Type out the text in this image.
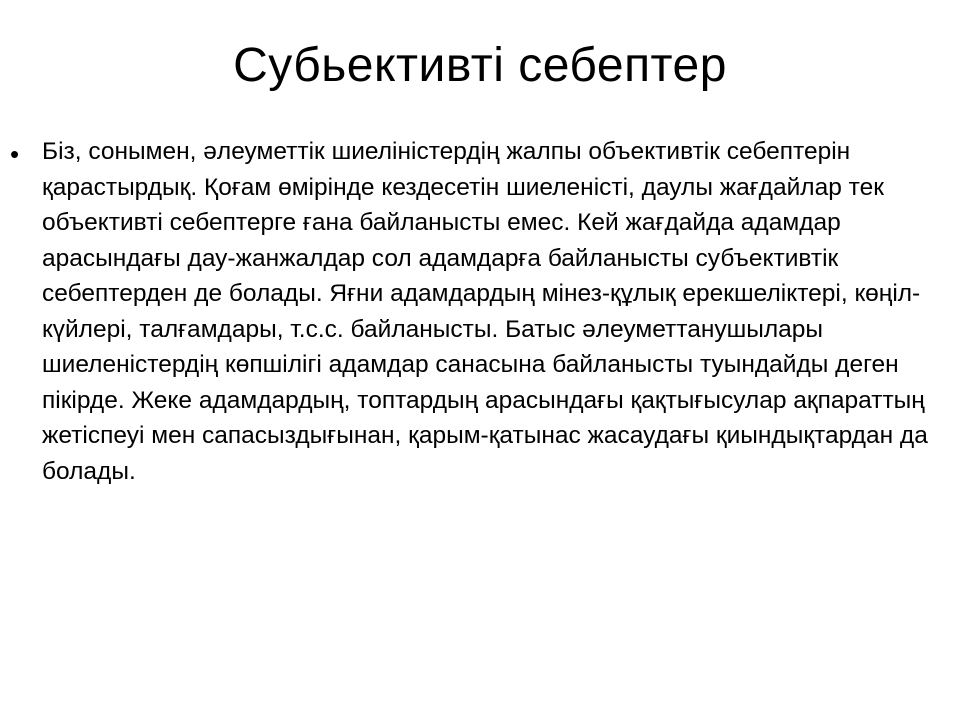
Субьективті себептер
• Біз, сонымен, әлеуметтік шиеліністердің жалпы объективтік себептерін қарастырдық. Қоғам өмірінде кездесетін шиеленісті, даулы жағдайлар тек объективті себептерге ғана байланысты емес. Кей жағдайда адамдар арасындағы дау-жанжалдар сол адамдарға байланысты субъективтік себептерден де болады. Яғни адамдардың мінез-құлық ерекшеліктері, көңіл-күйлері, талғамдары, т.с.с. байланысты. Батыс әлеуметтанушылары шиеленістердің көпшілігі адамдар санасына байланысты туындайды деген пікірде. Жеке адамдардың, топтардың арасындағы қақтығысулар ақпараттың жетіспеуі мен сапасыздығынан, қарым-қатынас жасаудағы қиындықтардан да болады.
